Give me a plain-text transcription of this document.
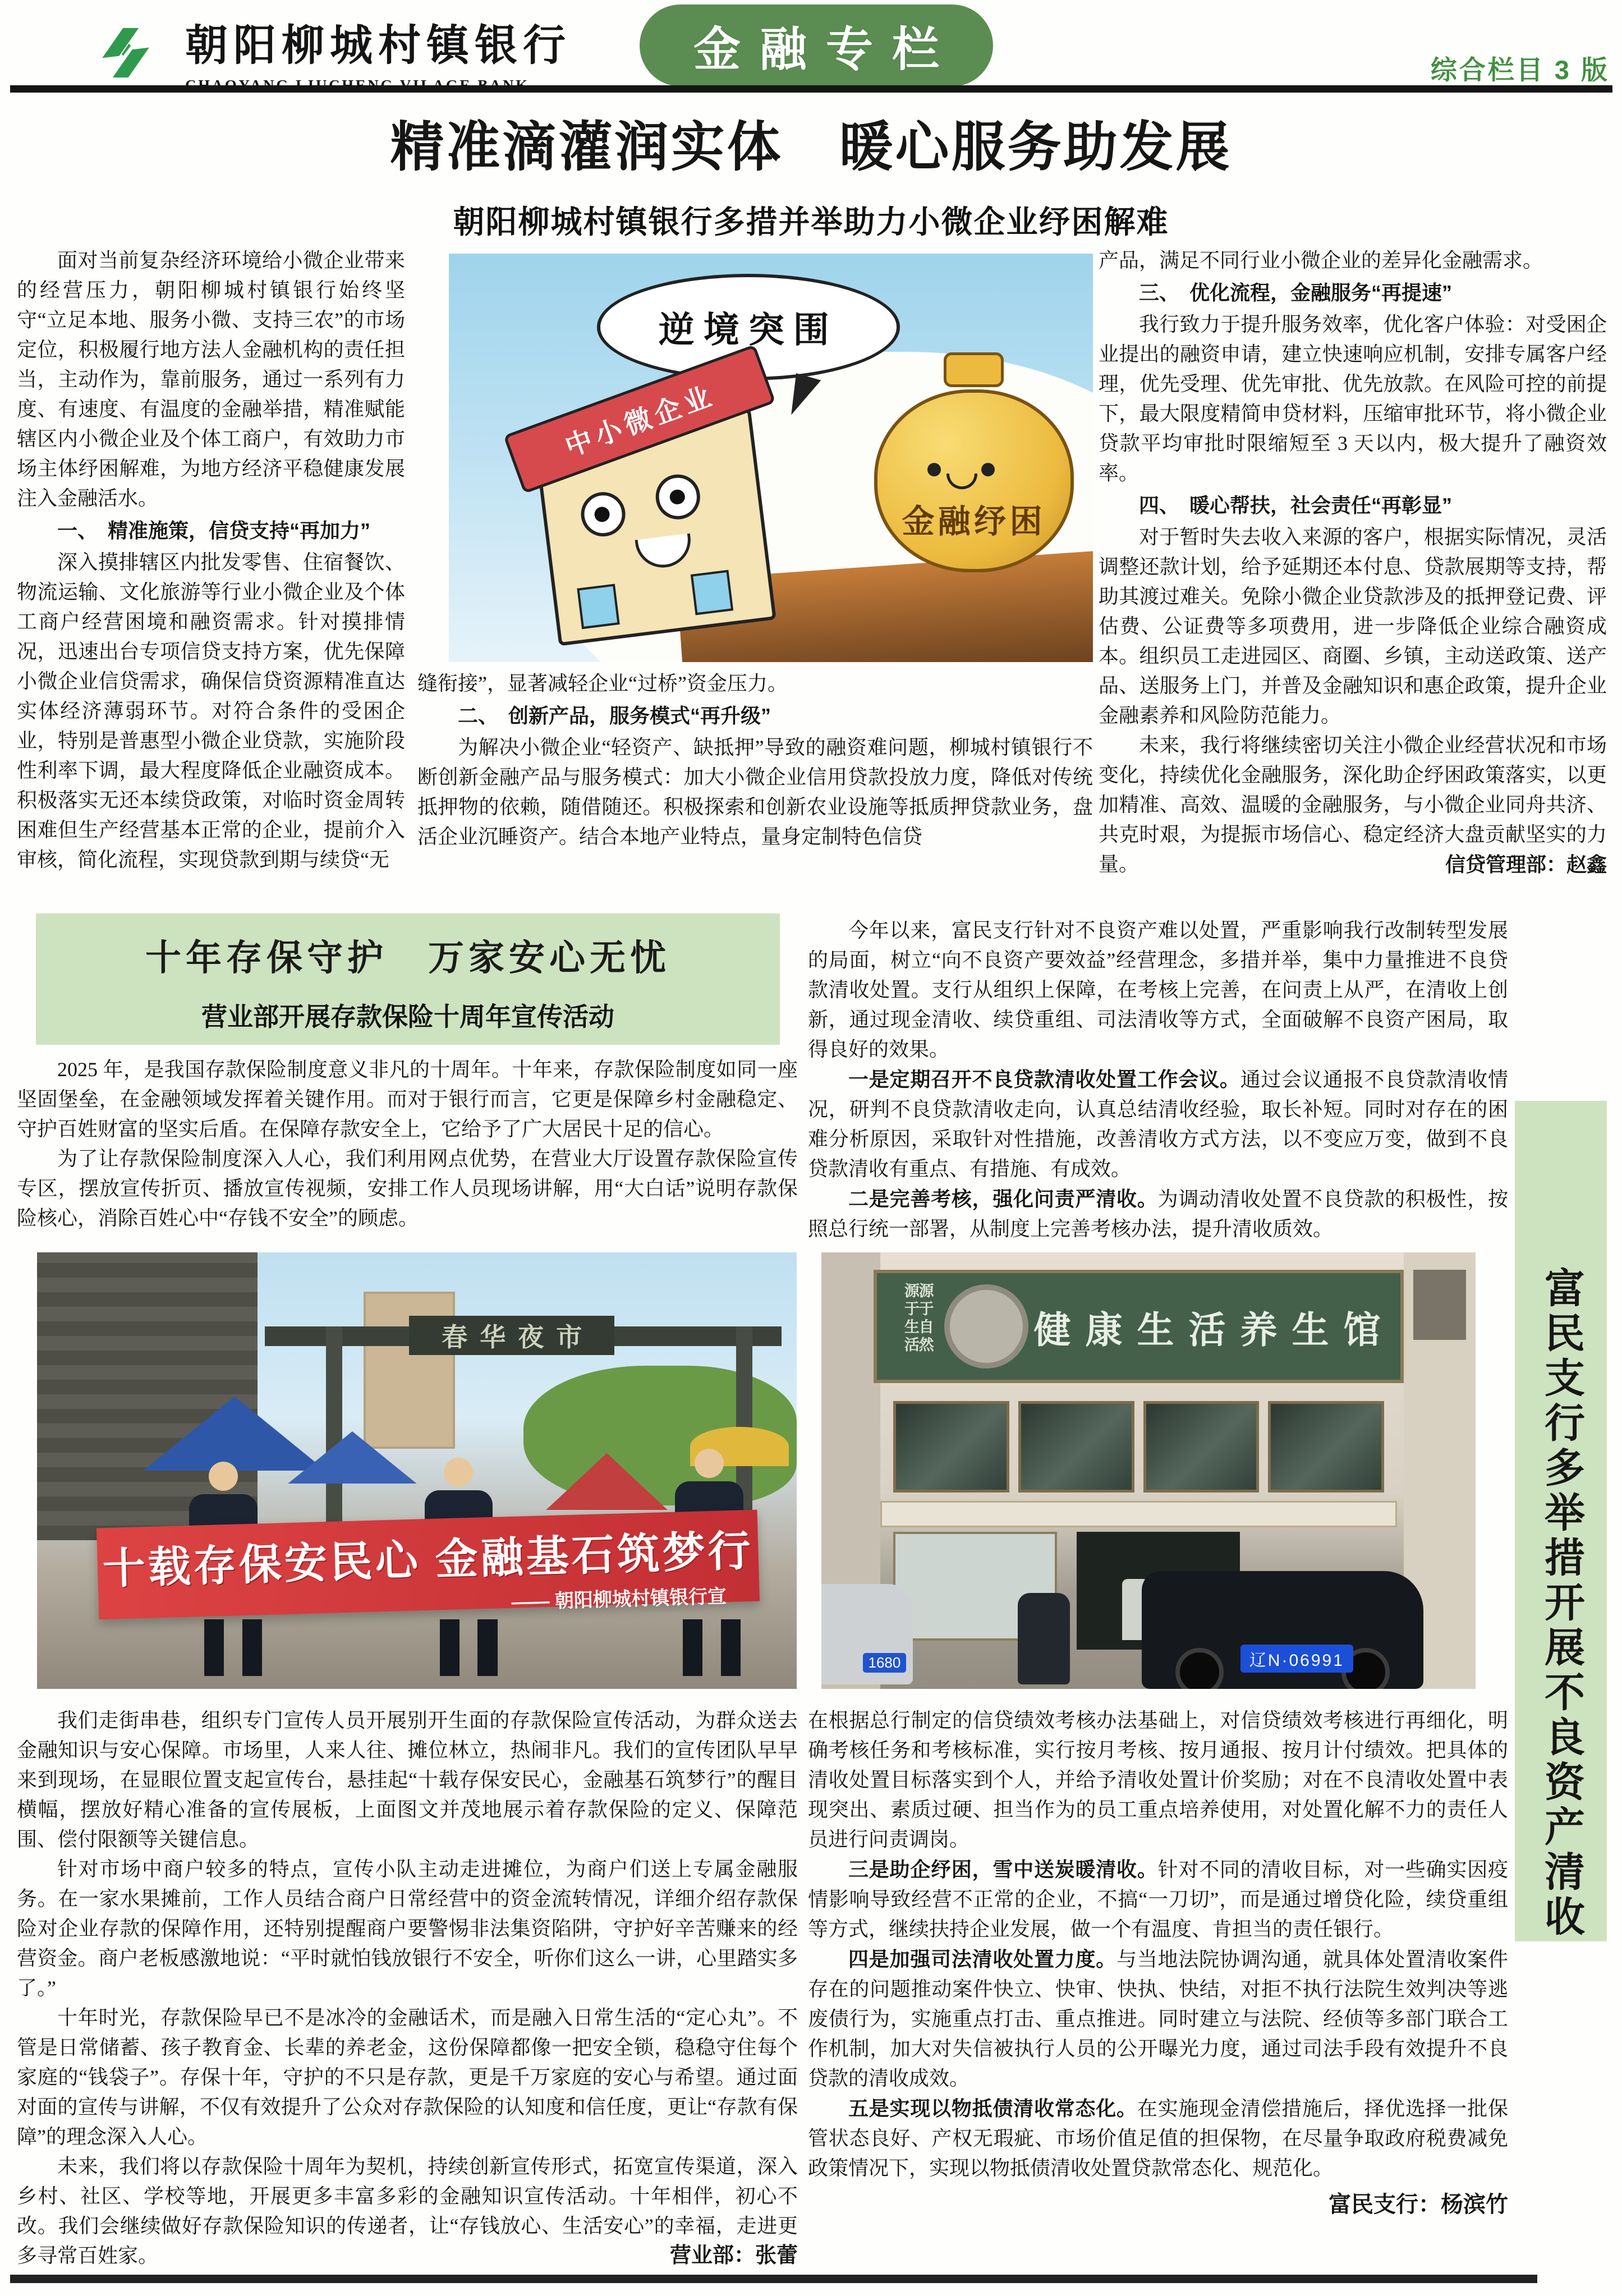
朝阳柳城村镇银行	金融专栏	综合栏目 3 版
精准滴灌润实体　暖心服务助发展
朝阳柳城村镇银行多措并举助力小微企业纾困解难

面对当前复杂经济环境给小微企业带来的经营压力，朝阳柳城村镇银行始终坚守“立足本地、服务小微、支持三农”的市场定位，积极履行地方法人金融机构的责任担当，主动作为，靠前服务，通过一系列有力度、有速度、有温度的金融举措，精准赋能辖区内小微企业及个体工商户，有效助力市场主体纾困解难，为地方经济平稳健康发展注入金融活水。

一、　精准施策，信贷支持“再加力”

深入摸排辖区内批发零售、住宿餐饮、物流运输、文化旅游等行业小微企业及个体工商户经营困境和融资需求。针对摸排情况，迅速出台专项信贷支持方案，优先保障小微企业信贷需求，确保信贷资源精准直达实体经济薄弱环节。对符合条件的受困企业，特别是普惠型小微企业贷款，实施阶段性利率下调，最大程度降低企业融资成本。积极落实无还本续贷政策，对临时资金周转困难但生产经营基本正常的企业，提前介入审核，简化流程，实现贷款到期与续贷“无

逆境突围
中小微企业
金融纾困

缝衔接”，显著减轻企业“过桥”资金压力。

二、　创新产品，服务模式“再升级”

为解决小微企业“轻资产、缺抵押”导致的融资难问题，柳城村镇银行不断创新金融产品与服务模式：加大小微企业信用贷款投放力度，降低对传统抵押物的依赖，随借随还。积极探索和创新农业设施等抵质押贷款业务，盘活企业沉睡资产。结合本地产业特点，量身定制特色信贷

产品，满足不同行业小微企业的差异化金融需求。

三、　优化流程，金融服务“再提速”

我行致力于提升服务效率，优化客户体验：对受困企业提出的融资申请，建立快速响应机制，安排专属客户经理，优先受理、优先审批、优先放款。在风险可控的前提下，最大限度精简申贷材料，压缩审批环节，将小微企业贷款平均审批时限缩短至 3 天以内，极大提升了融资效率。

四、　暖心帮扶，社会责任“再彰显”

对于暂时失去收入来源的客户，根据实际情况，灵活调整还款计划，给予延期还本付息、贷款展期等支持，帮助其渡过难关。免除小微企业贷款涉及的抵押登记费、评估费、公证费等多项费用，进一步降低企业综合融资成本。组织员工走进园区、商圈、乡镇，主动送政策、送产品、送服务上门，并普及金融知识和惠企政策，提升企业金融素养和风险防范能力。

未来，我行将继续密切关注小微企业经营状况和市场变化，持续优化金融服务，深化助企纾困政策落实，以更加精准、高效、温暖的金融服务，与小微企业同舟共济、共克时艰，为提振市场信心、稳定经济大盘贡献坚实的力量。	信贷管理部：赵鑫
十年存保守护　万家安心无忧
营业部开展存款保险十周年宣传活动

2025 年，是我国存款保险制度意义非凡的十周年。十年来，存款保险制度如同一座坚固堡垒，在金融领域发挥着关键作用。而对于银行而言，它更是保障乡村金融稳定、守护百姓财富的坚实后盾。在保障存款安全上，它给予了广大居民十足的信心。

为了让存款保险制度深入人心，我们利用网点优势，在营业大厅设置存款保险宣传专区，摆放宣传折页、播放宣传视频，安排工作人员现场讲解，用“大白话”说明存款保险核心，消除百姓心中“存钱不安全”的顾虑。

春华夜市
十载存保安民心 金融基石筑梦行
—— 朝阳柳城村镇银行宣

我们走街串巷，组织专门宣传人员开展别开生面的存款保险宣传活动，为群众送去金融知识与安心保障。市场里，人来人往、摊位林立，热闹非凡。我们的宣传团队早早来到现场，在显眼位置支起宣传台，悬挂起“十载存保安民心，金融基石筑梦行”的醒目横幅，摆放好精心准备的宣传展板，上面图文并茂地展示着存款保险的定义、保障范围、偿付限额等关键信息。

针对市场中商户较多的特点，宣传小队主动走进摊位，为商户们送上专属金融服务。在一家水果摊前，工作人员结合商户日常经营中的资金流转情况，详细介绍存款保险对企业存款的保障作用，还特别提醒商户要警惕非法集资陷阱，守护好辛苦赚来的经营资金。商户老板感激地说：“平时就怕钱放银行不安全，听你们这么一讲，心里踏实多了。”

十年时光，存款保险早已不是冰冷的金融话术，而是融入日常生活的“定心丸”。不管是日常储蓄、孩子教育金、长辈的养老金，这份保障都像一把安全锁，稳稳守住每个家庭的“钱袋子”。存保十年，守护的不只是存款，更是千万家庭的安心与希望。通过面对面的宣传与讲解，不仅有效提升了公众对存款保险的认知度和信任度，更让“存款有保障”的理念深入人心。

未来，我们将以存款保险十周年为契机，持续创新宣传形式，拓宽宣传渠道，深入乡村、社区、学校等地，开展更多丰富多彩的金融知识宣传活动。十年相伴，初心不改。我们会继续做好存款保险知识的传递者，让“存钱放心、生活安心”的幸福，走进更多寻常百姓家。	营业部：张蕾

今年以来，富民支行针对不良资产难以处置，严重影响我行改制转型发展的局面，树立“向不良资产要效益”经营理念，多措并举，集中力量推进不良贷款清收处置。支行从组织上保障，在考核上完善，在问责上从严，在清收上创新，通过现金清收、续贷重组、司法清收等方式，全面破解不良资产困局，取得良好的效果。

一是定期召开不良贷款清收处置工作会议。通过会议通报不良贷款清收情况，研判不良贷款清收走向，认真总结清收经验，取长补短。同时对存在的困难分析原因，采取针对性措施，改善清收方式方法，以不变应万变，做到不良贷款清收有重点、有措施、有成效。

二是完善考核，强化问责严清收。为调动清收处置不良贷款的积极性，按照总行统一部署，从制度上完善考核办法，提升清收质效。

健康生活养生馆
源于自然
源于生活
1680	辽N·06991	富民支行多举措开展不良资产清收

在根据总行制定的信贷绩效考核办法基础上，对信贷绩效考核进行再细化，明确考核任务和考核标准，实行按月考核、按月通报、按月计付绩效。把具体的清收处置目标落实到个人，并给予清收处置计价奖励；对在不良清收处置中表现突出、素质过硬、担当作为的员工重点培养使用，对处置化解不力的责任人员进行问责调岗。

三是助企纾困，雪中送炭暖清收。针对不同的清收目标，对一些确实因疫情影响导致经营不正常的企业，不搞“一刀切”，而是通过增贷化险，续贷重组等方式，继续扶持企业发展，做一个有温度、肯担当的责任银行。

四是加强司法清收处置力度。与当地法院协调沟通，就具体处置清收案件存在的问题推动案件快立、快审、快执、快结，对拒不执行法院生效判决等逃废债行为，实施重点打击、重点推进。同时建立与法院、经侦等多部门联合工作机制，加大对失信被执行人员的公开曝光力度，通过司法手段有效提升不良贷款的清收成效。

五是实现以物抵债清收常态化。在实施现金清偿措施后，择优选择一批保管状态良好、产权无瑕疵、市场价值足值的担保物，在尽量争取政府税费减免政策情况下，实现以物抵债清收处置贷款常态化、规范化。

富民支行：杨滨竹
